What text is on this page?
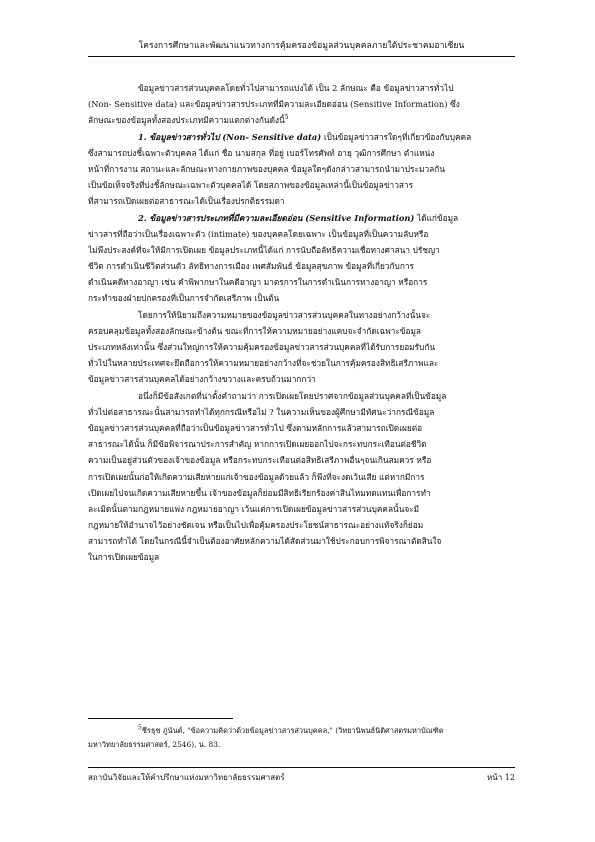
โครงการศึกษาและพัฒนาแนวทางการคุ้มครองข้อมูลส่วนบุคคลภายใต้ประชาคมอาเซียน
ข้อมูลข่าวสารส่วนบุคคลโดยทั่วไปสามารถแบ่งได้ เป็น 2 ลักษณะ คือ ข้อมูลข่าวสารทั่วไป
(Non- Sensitive data) และข้อมูลข่าวสารประเภทที่มีความละเอียดอ่อน (Sensitive Information) ซึ่ง
ลักษณะของข้อมูลทั้งสองประเภทมีความแตกต่างกันดังนี้$^5$
1. ข้อมูลข่าวสารทั่วไป (Non- Sensitive data) เป็นข้อมูลข่าวสารใดๆที่เกี่ยวข้องกับบุคคล
ซึ่งสามารถบ่งชี้เฉพาะตัวบุคคล ได้แก่ ชื่อ นามสกุล ที่อยู่ เบอร์โทรศัพท์ อายุ วุฒิการศึกษา ตำแหน่ง
หน้าที่การงาน สถานะและลักษณะทางกายภาพของบุคคล ข้อมูลใดๆดังกล่าวสามารถนำมาประมวลกัน
เป็นข้อเท็จจริงที่บ่งชี้ลักษณะเฉพาะตัวบุคคลได้ โดยสภาพของข้อมูลเหล่านี้เป็นข้อมูลข่าวสาร
ที่สามารถเปิดเผยต่อสาธารณะได้เป็นเรื่องปรกติธรรมดา
2. ข้อมูลข่าวสารประเภทที่มีความละเอียดอ่อน (Sensitive Information) ได้แก่ข้อมูล
ข่าวสารที่ถือว่าเป็นเรื่องเฉพาะตัว (intimate) ของบุคคลโดยเฉพาะ เป็นข้อมูลที่เป็นความลับหรือ
ไม่พึงประสงค์ที่จะให้มีการเปิดเผย ข้อมูลประเภทนี้ได้แก่ การนับถือลัทธิความเชื่อทางศาสนา ปรัชญา
ชีวิต การดำเนินชีวิตส่วนตัว ลัทธิทางการเมือง เพศสัมพันธ์ ข้อมูลสุขภาพ ข้อมูลที่เกี่ยวกับการ
ดำเนินคดีทางอาญา เช่น คำพิพากษาในคดีอาญา มาตรการในการดำเนินการทางอาญา หรือการ
กระทำของฝ่ายปกครองที่เป็นการจำกัดเสรีภาพ เป็นต้น
โดยการให้นิยามถึงความหมายของข้อมูลข่าวสารส่วนบุคคลในทางอย่างกว้างนั้นจะ
ครอบคลุมข้อมูลทั้งสองลักษณะข้างต้น ขณะที่การให้ความหมายอย่างแคบจะจำกัดเฉพาะข้อมูล
ประเภทหลังเท่านั้น ซึ่งส่วนใหญ่การให้ความคุ้มครองข้อมูลข่าวสารส่วนบุคคลที่ได้รับการยอมรับกัน
ทั่วไปในหลายประเทศจะยึดถือการให้ความหมายอย่างกว้างที่จะช่วยในการคุ้มครองสิทธิเสรีภาพและ
ข้อมูลข่าวสารส่วนบุคคลได้อย่างกว้างขวางและครบถ้วนมากกว่า
อนึ่งก็มีข้อสังเกตที่น่าตั้งคำถามว่า การเปิดเผยโดยปราศจากข้อมูลส่วนบุคคลที่เป็นข้อมูล
ทั่วไปต่อสาธารณะนั้นสามารถทำได้ทุกกรณีหรือไม่ ? ในความเห็นของผู้ศึกษามีทัศนะว่ากรณีข้อมูล
ข้อมูลข่าวสารส่วนบุคคลที่ถือว่าเป็นข้อมูลข่าวสารทั่วไป ซึ่งตามหลักการแล้วสามารถเปิดเผยต่อ
สาธารณะได้นั้น ก็มีข้อพิจารณาประการสำคัญ หากการเปิดเผยออกไปจะกระทบกระเทือนต่อชีวิต
ความเป็นอยู่ส่วนตัวของเจ้าของข้อมูล หรือกระทบกระเทือนต่อสิทธิเสรีภาพอื่นๆจนเกินสมควร หรือ
การเปิดเผยนั้นก่อให้เกิดความเสียหายแก่เจ้าของข้อมูลด้วยแล้ว ก็พึงที่จะงดเว้นเสีย แต่หากมีการ
เปิดเผยไปจนเกิดความเสียหายขึ้น เจ้าของข้อมูลก็ย่อมมีสิทธิเรียกร้องค่าสินไหมทดแทนเพื่อการทำ
ละเมิดนั้นตามกฎหมายแพ่ง กฎหมายอาญา เว้นแต่การเปิดเผยข้อมูลข่าวสารส่วนบุคคลนั้นจะมี
กฎหมายให้อำนาจไว้อย่างชัดเจน หรือเป็นไปเพื่อคุ้มครองประโยชน์สาธารณะอย่างแท้จริงก็ย่อม
สามารถทำได้ โดยในกรณีนี้จำเป็นต้องอาศัยหลักความได้สัดส่วนมาใช้ประกอบการพิจารณาตัดสินใจ
ในการเปิดเผยข้อมูล
$^5$ชีรธุช ภู่นันต์, "ข้อความคิดว่าด้วยข้อมูลข่าวสารส่วนบุคคล," (วิทยานิพนธ์นิติศาสตรมหาบัณฑิต
มหาวิทยาลัยธรรมศาสตร์, 2546), น. 83.
สถาบันวิจัยและให้คำปรึกษาแห่งมหาวิทยาลัยธรรมศาสตร์	หน้า 12
